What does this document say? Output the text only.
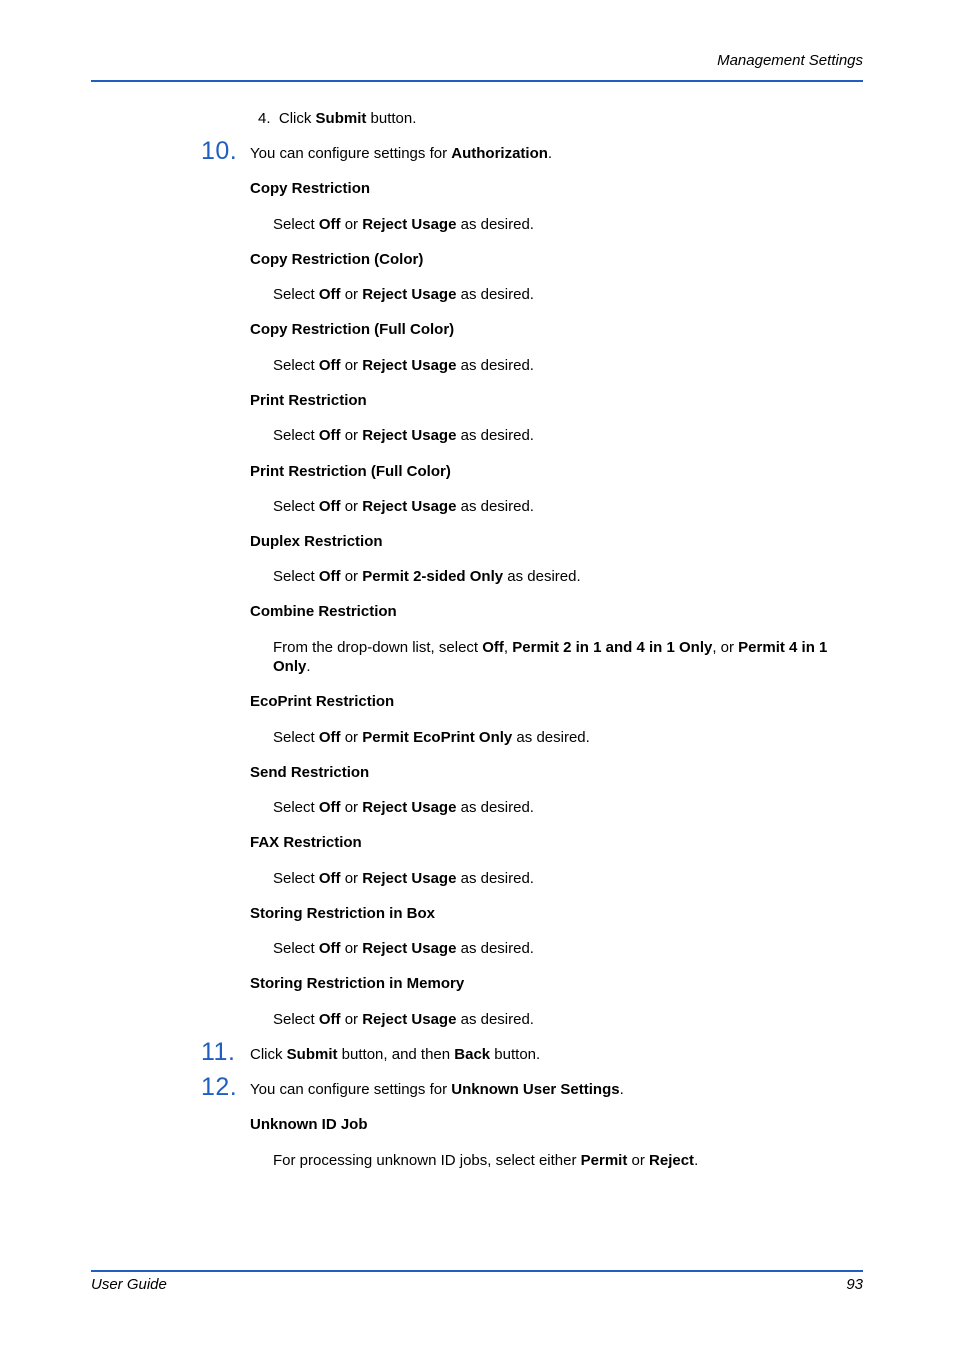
Management Settings
4. Click Submit button.
10. You can configure settings for Authorization.
Copy Restriction
Select Off or Reject Usage as desired.
Copy Restriction (Color)
Select Off or Reject Usage as desired.
Copy Restriction (Full Color)
Select Off or Reject Usage as desired.
Print Restriction
Select Off or Reject Usage as desired.
Print Restriction (Full Color)
Select Off or Reject Usage as desired.
Duplex Restriction
Select Off or Permit 2-sided Only as desired.
Combine Restriction
From the drop-down list, select Off, Permit 2 in 1 and 4 in 1 Only, or Permit 4 in 1 Only.
EcoPrint Restriction
Select Off or Permit EcoPrint Only as desired.
Send Restriction
Select Off or Reject Usage as desired.
FAX Restriction
Select Off or Reject Usage as desired.
Storing Restriction in Box
Select Off or Reject Usage as desired.
Storing Restriction in Memory
Select Off or Reject Usage as desired.
11. Click Submit button, and then Back button.
12. You can configure settings for Unknown User Settings.
Unknown ID Job
For processing unknown ID jobs, select either Permit or Reject.
User Guide	93
